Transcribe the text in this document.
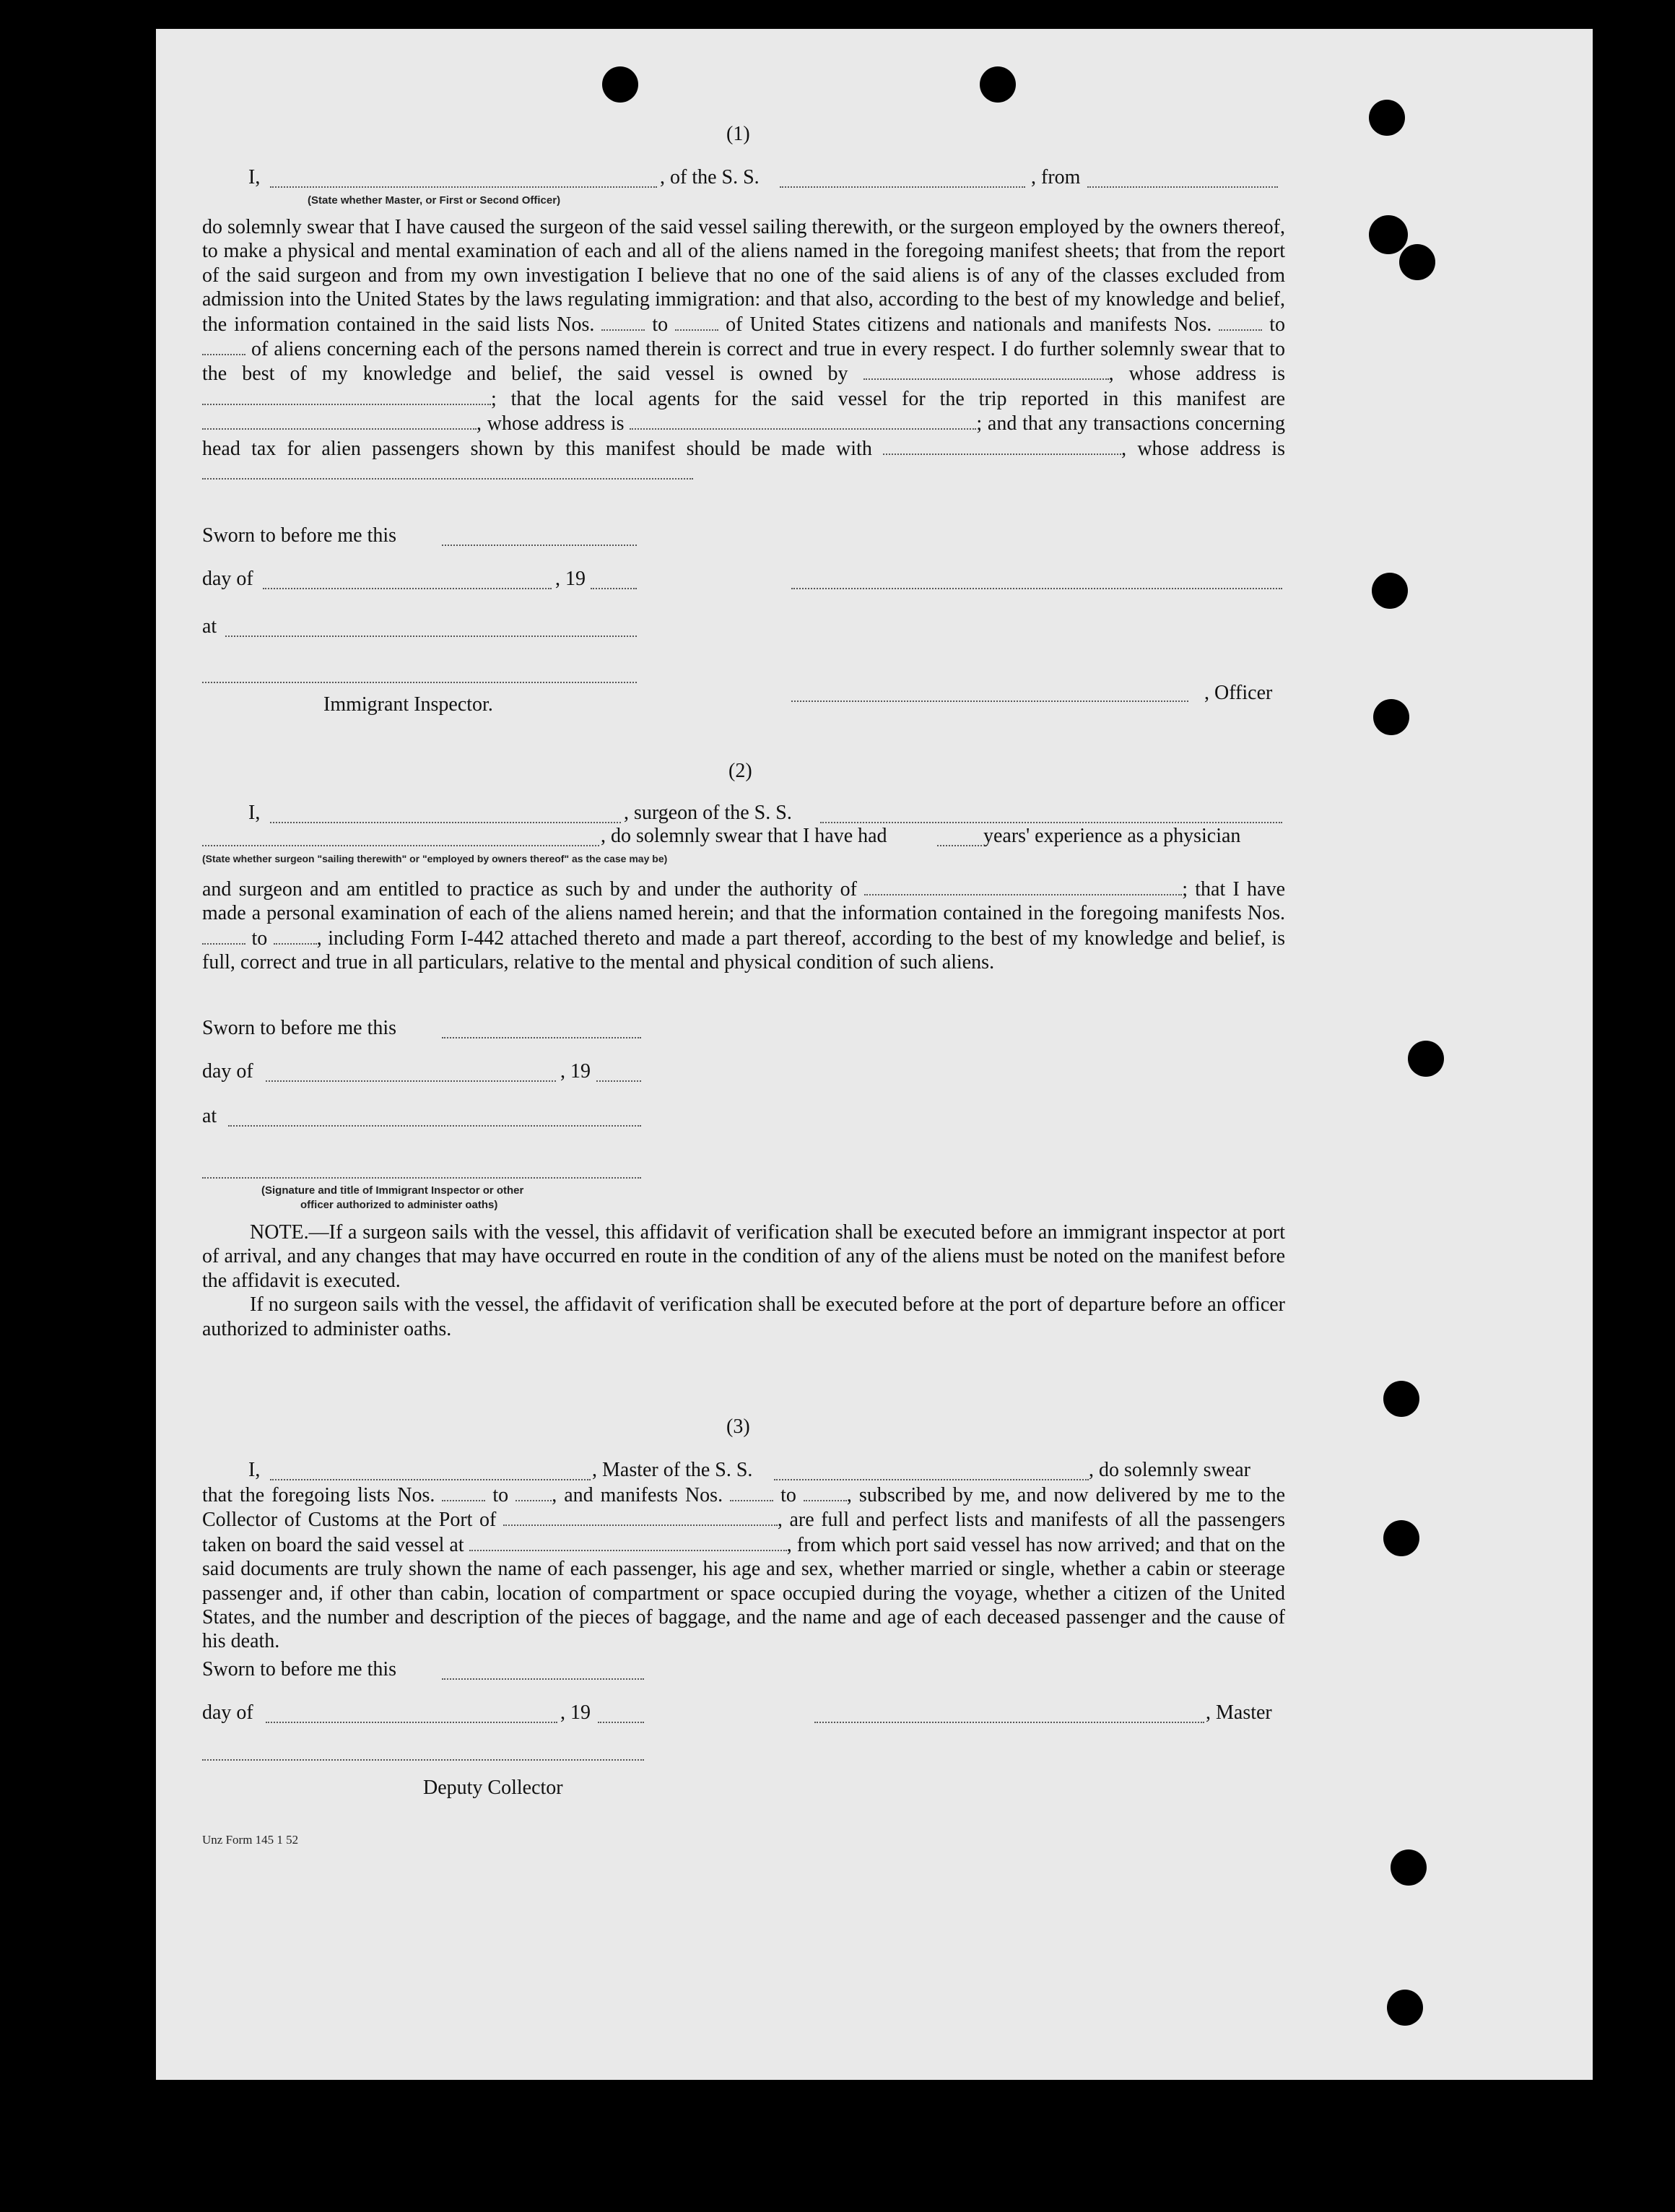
(1)
I,	, of the S. S.	, from
(State whether Master, or First or Second Officer)

do solemnly swear that I have caused the surgeon of the said vessel sailing therewith, or the surgeon employed by the owners thereof, to make a physical and mental examination of each and all of the aliens named in the foregoing manifest sheets; that from the report of the said surgeon and from my own investigation I believe that no one of the said aliens is of any of the classes excluded from admission into the United States by the laws regulating immigration: and that also, according to the best of my knowledge and belief, the information contained in the said lists Nos.	to	of United States citizens and nationals and manifests Nos.	to  of aliens concerning each of the persons named therein is correct and true in every respect. I do further solemnly swear that to the best of my knowledge and belief, the said vessel is owned by	, whose address is ; that the local agents for the said vessel for the trip reported in this manifest are , whose address is	; and that any transactions concerning head tax for alien passengers shown by this manifest should be made with	, whose address is

Sworn to before me this
day of	, 19
at
Immigrant Inspector.
, Officer
(2)
I,	, surgeon of the S. S.
, do solemnly swear that I have had	years' experience as a physician
(State whether surgeon "sailing therewith" or "employed by owners thereof" as the case may be)

and surgeon and am entitled to practice as such by and under the authority of	; that I have made a personal examination of each of the aliens named herein; and that the information contained in the foregoing manifests Nos.  to , including Form I-442 attached thereto and made a part thereof, according to the best of my knowledge and belief, is full, correct and true in all particulars, relative to the mental and physical condition of such aliens.

Sworn to before me this
day of	, 19
at
(Signature and title of Immigrant Inspector or other
officer authorized to administer oaths)

NOTE.—If a surgeon sails with the vessel, this affidavit of verification shall be executed before an immigrant inspector at port of arrival, and any changes that may have occurred en route in the condition of any of the aliens must be noted on the manifest before the affidavit is executed.

If no surgeon sails with the vessel, the affidavit of verification shall be executed before at the port of departure before an officer authorized to administer oaths.

(3)
I,	, Master of the S. S.	, do solemnly swear

that the foregoing lists Nos.	to , and manifests Nos.	to	, subscribed by me, and now delivered by me to the Collector of Customs at the Port of	, are full and perfect lists and manifests of all the passengers taken on board the said vessel at	, from which port said vessel has now arrived; and that on the said documents are truly shown the name of each passenger, his age and sex, whether married or single, whether a cabin or steerage passenger and, if other than cabin, location of compartment or space occupied during the voyage, whether a citizen of the United States, and the number and description of the pieces of baggage, and the name and age of each deceased passenger and the cause of his death.

Sworn to before me this
day of	, 19	, Master
Deputy Collector
Unz Form 145 1 52
